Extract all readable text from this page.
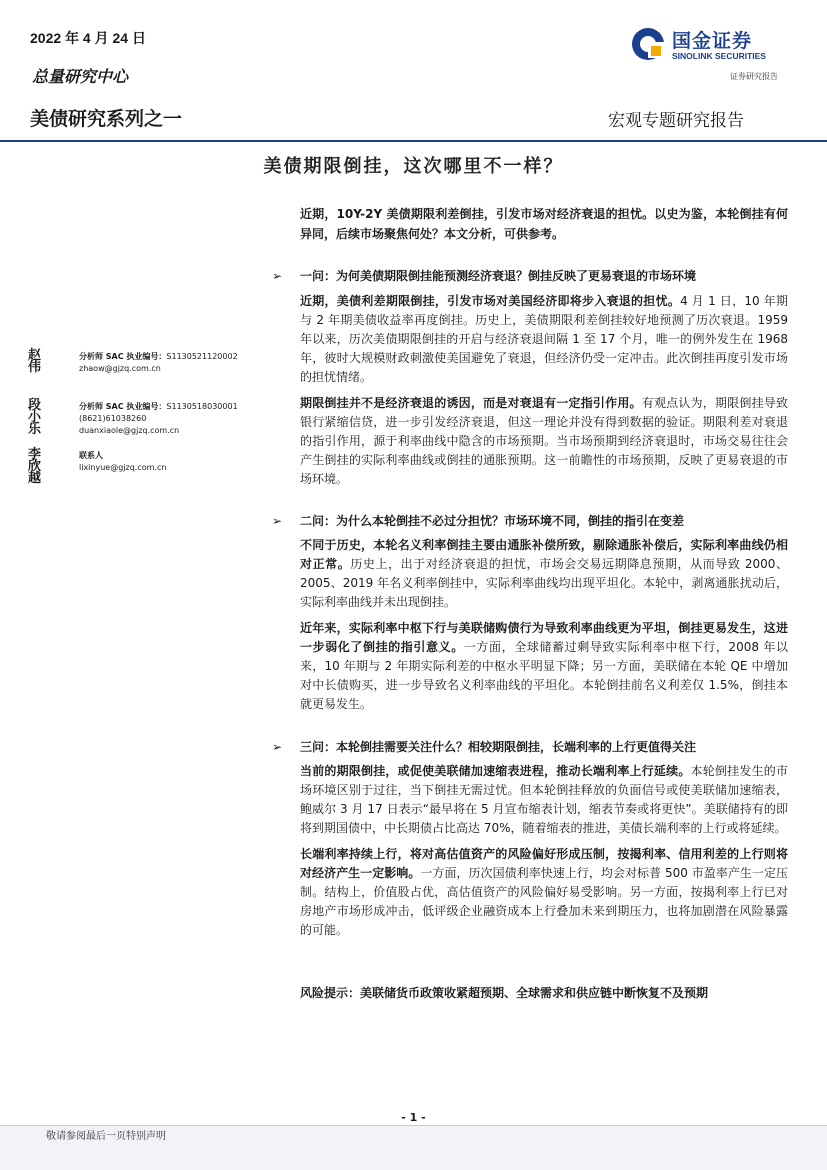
2022 年 4 月 24 日
总量研究中心
美债研究系列之一
国金证券
SINOLINK SECURITIES
证券研究报告
宏观专题研究报告
美债期限倒挂，这次哪里不一样？
赵伟
分析师 SAC 执业编号：S1130521120002
zhaow@gjzq.com.cn
段小乐
分析师 SAC 执业编号：S1130518030001
(8621)61038260
duanxiaole@gjzq.com.cn
李欣越
联系人
lixinyue@gjzq.com.cn
近期，10Y-2Y 美债期限利差倒挂，引发市场对经济衰退的担忧。以史为鉴，本轮倒挂有何异同，后续市场聚焦何处？本文分析，可供参考。
➢ 一问：为何美债期限倒挂能预测经济衰退？倒挂反映了更易衰退的市场环境

近期，美债利差期限倒挂，引发市场对美国经济即将步入衰退的担忧。4 月 1 日，10 年期与 2 年期美债收益率再度倒挂。历史上，美债期限利差倒挂较好地预测了历次衰退。1959 年以来，历次美债期限倒挂的开启与经济衰退间隔 1 至 17 个月，唯一的例外发生在 1968 年，彼时大规模财政刺激使美国避免了衰退，但经济仍受一定冲击。此次倒挂再度引发市场的担忧情绪。

期限倒挂并不是经济衰退的诱因，而是对衰退有一定指引作用。有观点认为，期限倒挂导致银行紧缩信贷，进一步引发经济衰退，但这一理论并没有得到数据的验证。期限利差对衰退的指引作用，源于利率曲线中隐含的市场预期。当市场预期到经济衰退时，市场交易往往会产生倒挂的实际利率曲线或倒挂的通胀预期。这一前瞻性的市场预期，反映了更易衰退的市场环境。

➢ 二问：为什么本轮倒挂不必过分担忧？市场环境不同，倒挂的指引在变差

不同于历史，本轮名义利率倒挂主要由通胀补偿所致，剔除通胀补偿后，实际利率曲线仍相对正常。历史上，出于对经济衰退的担忧，市场会交易远期降息预期，从而导致 2000、2005、2019 年名义利率倒挂中，实际利率曲线均出现平坦化。本轮中，剥离通胀扰动后，实际利率曲线并未出现倒挂。

近年来，实际利率中枢下行与美联储购债行为导致利率曲线更为平坦，倒挂更易发生，这进一步弱化了倒挂的指引意义。一方面，全球储蓄过剩导致实际利率中枢下行，2008 年以来，10 年期与 2 年期实际利差的中枢水平明显下降；另一方面，美联储在本轮 QE 中增加对中长债购买，进一步导致名义利率曲线的平坦化。本轮倒挂前名义利差仅 1.5%，倒挂本就更易发生。

➢ 三问：本轮倒挂需要关注什么？相较期限倒挂，长端利率的上行更值得关注

当前的期限倒挂，或促使美联储加速缩表进程，推动长端利率上行延续。本轮倒挂发生的市场环境区别于过往，当下倒挂无需过忧。但本轮倒挂释放的负面信号或使美联储加速缩表，鲍威尔 3 月 17 日表示“最早将在 5 月宣布缩表计划，缩表节奏或将更快”。美联储持有的即将到期国债中，中长期债占比高达 70%，随着缩表的推进，美债长端利率的上行或将延续。

长端利率持续上行，将对高估值资产的风险偏好形成压制，按揭利率、信用利差的上行则将对经济产生一定影响。一方面，历次国债利率快速上行，均会对标普 500 市盈率产生一定压制。结构上，价值股占优，高估值资产的风险偏好易受影响。另一方面，按揭利率上行已对房地产市场形成冲击，低评级企业融资成本上行叠加未来到期压力，也将加剧潜在风险暴露的可能。

风险提示：美联储货币政策收紧超预期、全球需求和供应链中断恢复不及预期
- 1 -
敬请参阅最后一页特别声明
